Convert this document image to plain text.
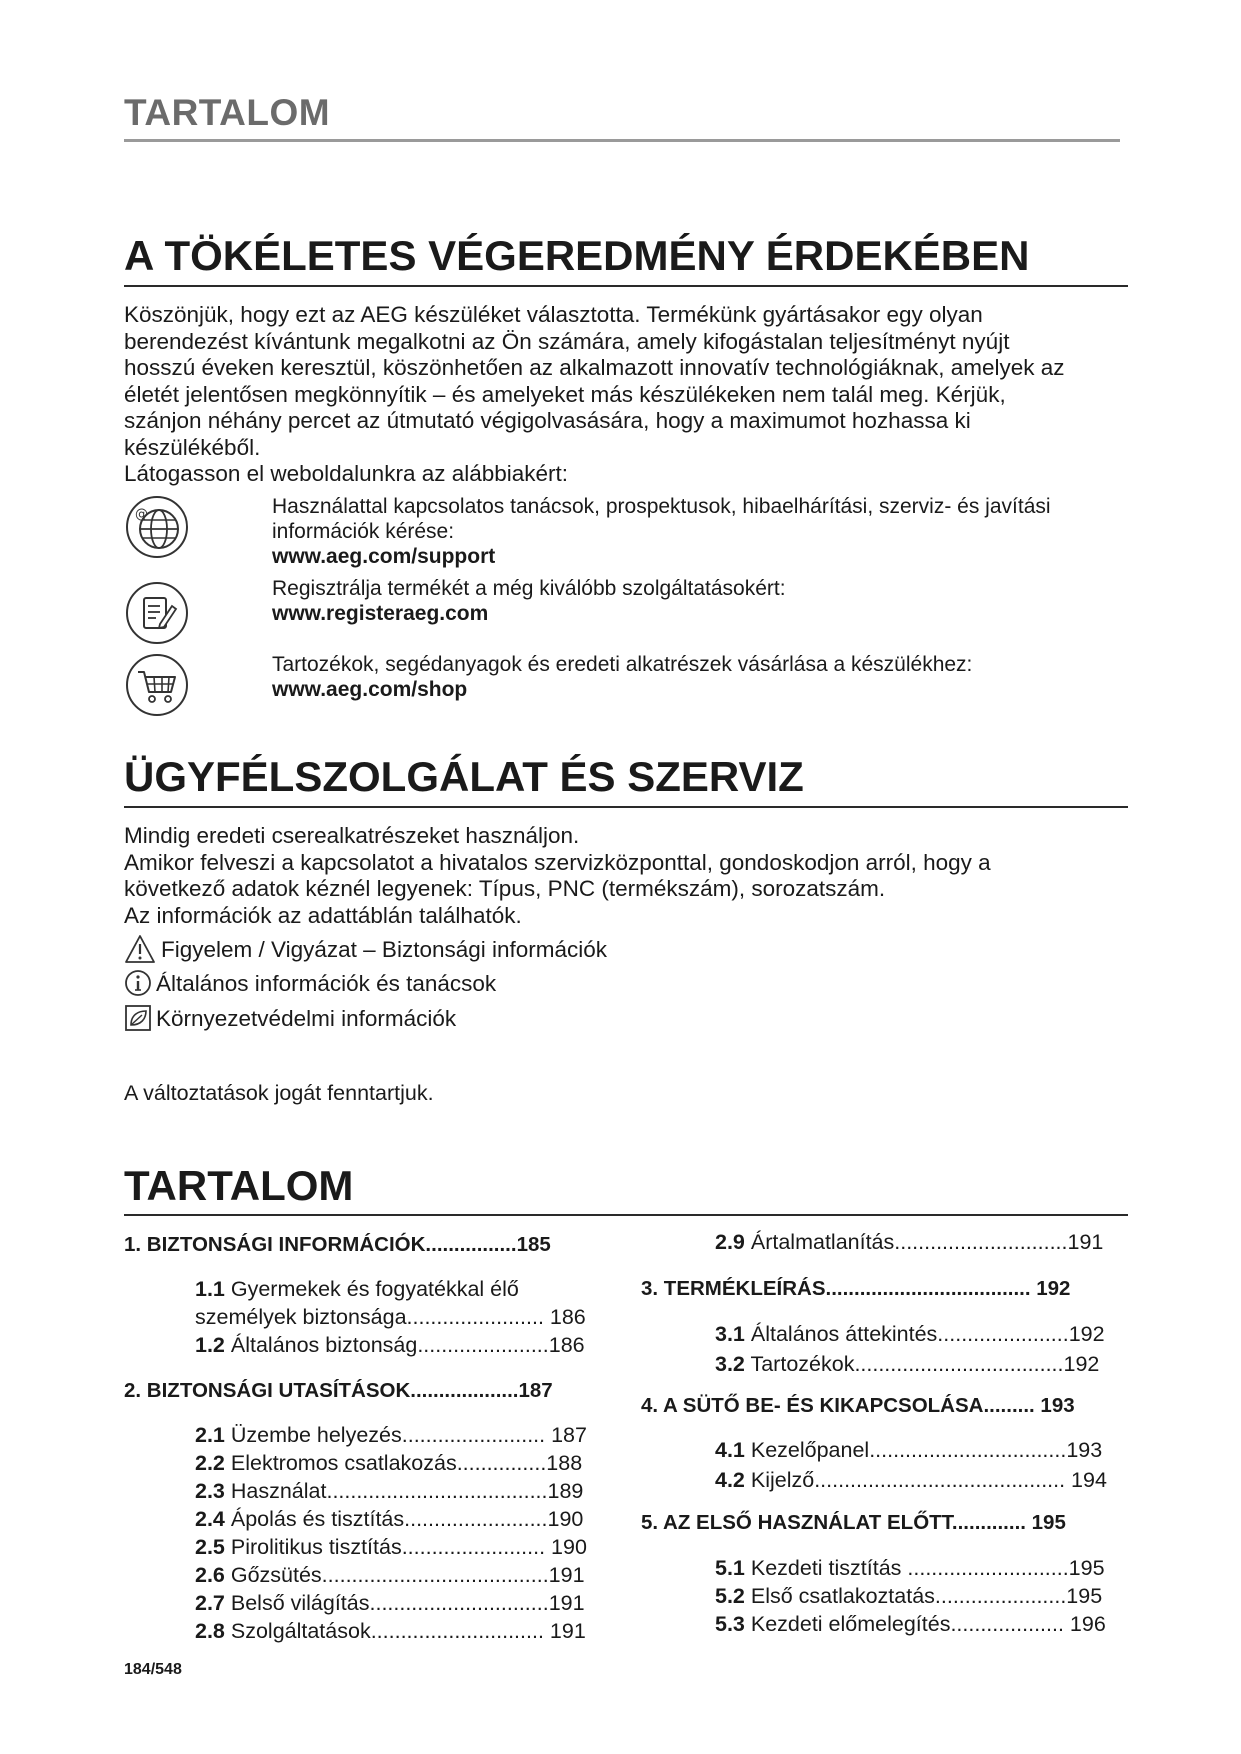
TARTALOM
A TÖKÉLETES VÉGEREDMÉNY ÉRDEKÉBEN

Köszönjük, hogy ezt az AEG készüléket választotta. Termékünk gyártásakor egy olyan

berendezést kívántunk megalkotni az Ön számára, amely kifogástalan teljesítményt nyújt

hosszú éveken keresztül, köszönhetően az alkalmazott innovatív technológiáknak, amelyek az

életét jelentősen megkönnyítik – és amelyeket más készülékeken nem talál meg. Kérjük,

szánjon néhány percet az útmutató végigolvasására, hogy a maximumot hozhassa ki

készülékéből.

Látogasson el weboldalunkra az alábbiakért:

@	Használattal kapcsolatos tanácsok, prospektusok, hibaelhárítási, szerviz- és javítási
információk kérése:
www.aeg.com/support
Regisztrálja termékét a még kiválóbb szolgáltatásokért:
www.registeraeg.com
Tartozékok, segédanyagok és eredeti alkatrészek vásárlása a készülékhez:
www.aeg.com/shop
ÜGYFÉLSZOLGÁLAT ÉS SZERVIZ

Mindig eredeti cserealkatrészeket használjon.

Amikor felveszi a kapcsolatot a hivatalos szervizközponttal, gondoskodjon arról, hogy a

következő adatok kéznél legyenek: Típus, PNC (termékszám), sorozatszám.

Az információk az adattáblán találhatók.

Figyelem / Vigyázat – Biztonsági információk
Általános információk és tanácsok
Környezetvédelmi információk
A változtatások jogát fenntartjuk.
TARTALOM
1. BIZTONSÁGI INFORMÁCIÓK................185
1.1 Gyermekek és fogyatékkal élő
személyek biztonsága....................... 186
1.2 Általános biztonság......................186
2. BIZTONSÁGI UTASÍTÁSOK...................187
2.1 Üzembe helyezés........................ 187
2.2 Elektromos csatlakozás...............188
2.3 Használat.....................................189
2.4 Ápolás és tisztítás........................190
2.5 Pirolitikus tisztítás........................ 190
2.6 Gőzsütés......................................191
2.7 Belső világítás..............................191
2.8 Szolgáltatások............................. 191
2.9 Ártalmatlanítás.............................191
3. TERMÉKLEÍRÁS.................................... 192
3.1 Általános áttekintés......................192
3.2 Tartozékok...................................192
4. A SÜTŐ BE- ÉS KIKAPCSOLÁSA......... 193
4.1 Kezelőpanel.................................193
4.2 Kijelző.......................................... 194
5. AZ ELSŐ HASZNÁLAT ELŐTT............. 195
5.1 Kezdeti tisztítás ...........................195
5.2 Első csatlakoztatás......................195
5.3 Kezdeti előmelegítés................... 196
184/548
